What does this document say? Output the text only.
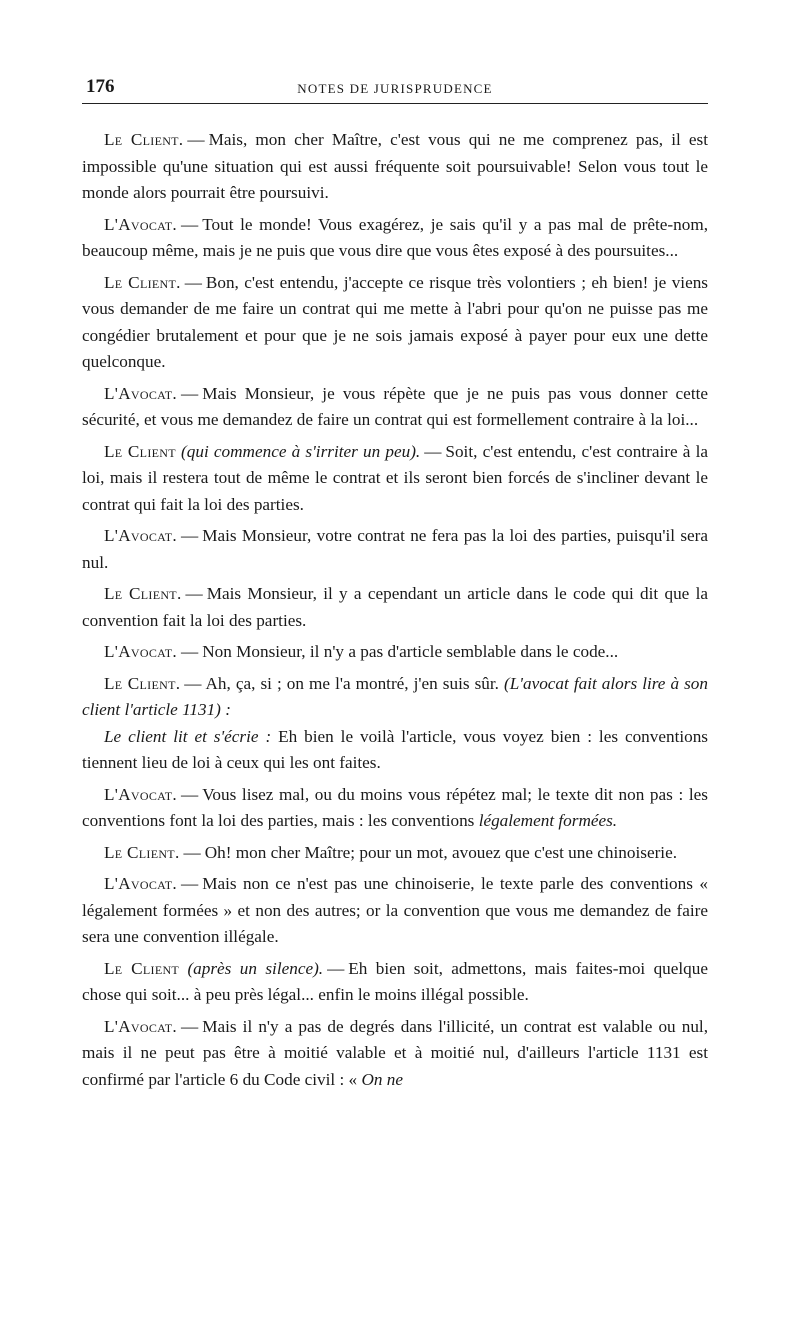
176	NOTES DE JURISPRUDENCE

Le Client. — Mais, mon cher Maître, c'est vous qui ne me comprenez pas, il est impossible qu'une situation qui est aussi fréquente soit poursuivable! Selon vous tout le monde alors pourrait être poursuivi.

L'Avocat. — Tout le monde! Vous exagérez, je sais qu'il y a pas mal de prête-nom, beaucoup même, mais je ne puis que vous dire que vous êtes exposé à des poursuites...

Le Client. — Bon, c'est entendu, j'accepte ce risque très volontiers ; eh bien! je viens vous demander de me faire un contrat qui me mette à l'abri pour qu'on ne puisse pas me congédier brutalement et pour que je ne sois jamais exposé à payer pour eux une dette quelconque.

L'Avocat. — Mais Monsieur, je vous répète que je ne puis pas vous donner cette sécurité, et vous me demandez de faire un contrat qui est formellement contraire à la loi...

Le Client (qui commence à s'irriter un peu). — Soit, c'est entendu, c'est contraire à la loi, mais il restera tout de même le contrat et ils seront bien forcés de s'incliner devant le contrat qui fait la loi des parties.

L'Avocat. — Mais Monsieur, votre contrat ne fera pas la loi des parties, puisqu'il sera nul.

Le Client. — Mais Monsieur, il y a cependant un article dans le code qui dit que la convention fait la loi des parties.

L'Avocat. — Non Monsieur, il n'y a pas d'article semblable dans le code...

Le Client. — Ah, ça, si ; on me l'a montré, j'en suis sûr. (L'avocat fait alors lire à son client l'article 1131) :

Le client lit et s'écrie : Eh bien le voilà l'article, vous voyez bien : les conventions tiennent lieu de loi à ceux qui les ont faites.

L'Avocat. — Vous lisez mal, ou du moins vous répétez mal; le texte dit non pas : les conventions font la loi des parties, mais : les conventions légalement formées.

Le Client. — Oh! mon cher Maître; pour un mot, avouez que c'est une chinoiserie.

L'Avocat. — Mais non ce n'est pas une chinoiserie, le texte parle des conventions « légalement formées » et non des autres; or la convention que vous me demandez de faire sera une convention illégale.

Le Client (après un silence). — Eh bien soit, admettons, mais faites-moi quelque chose qui soit... à peu près légal... enfin le moins illégal possible.

L'Avocat. — Mais il n'y a pas de degrés dans l'illicité, un contrat est valable ou nul, mais il ne peut pas être à moitié valable et à moitié nul, d'ailleurs l'article 1131 est confirmé par l'article 6 du Code civil : « On ne
